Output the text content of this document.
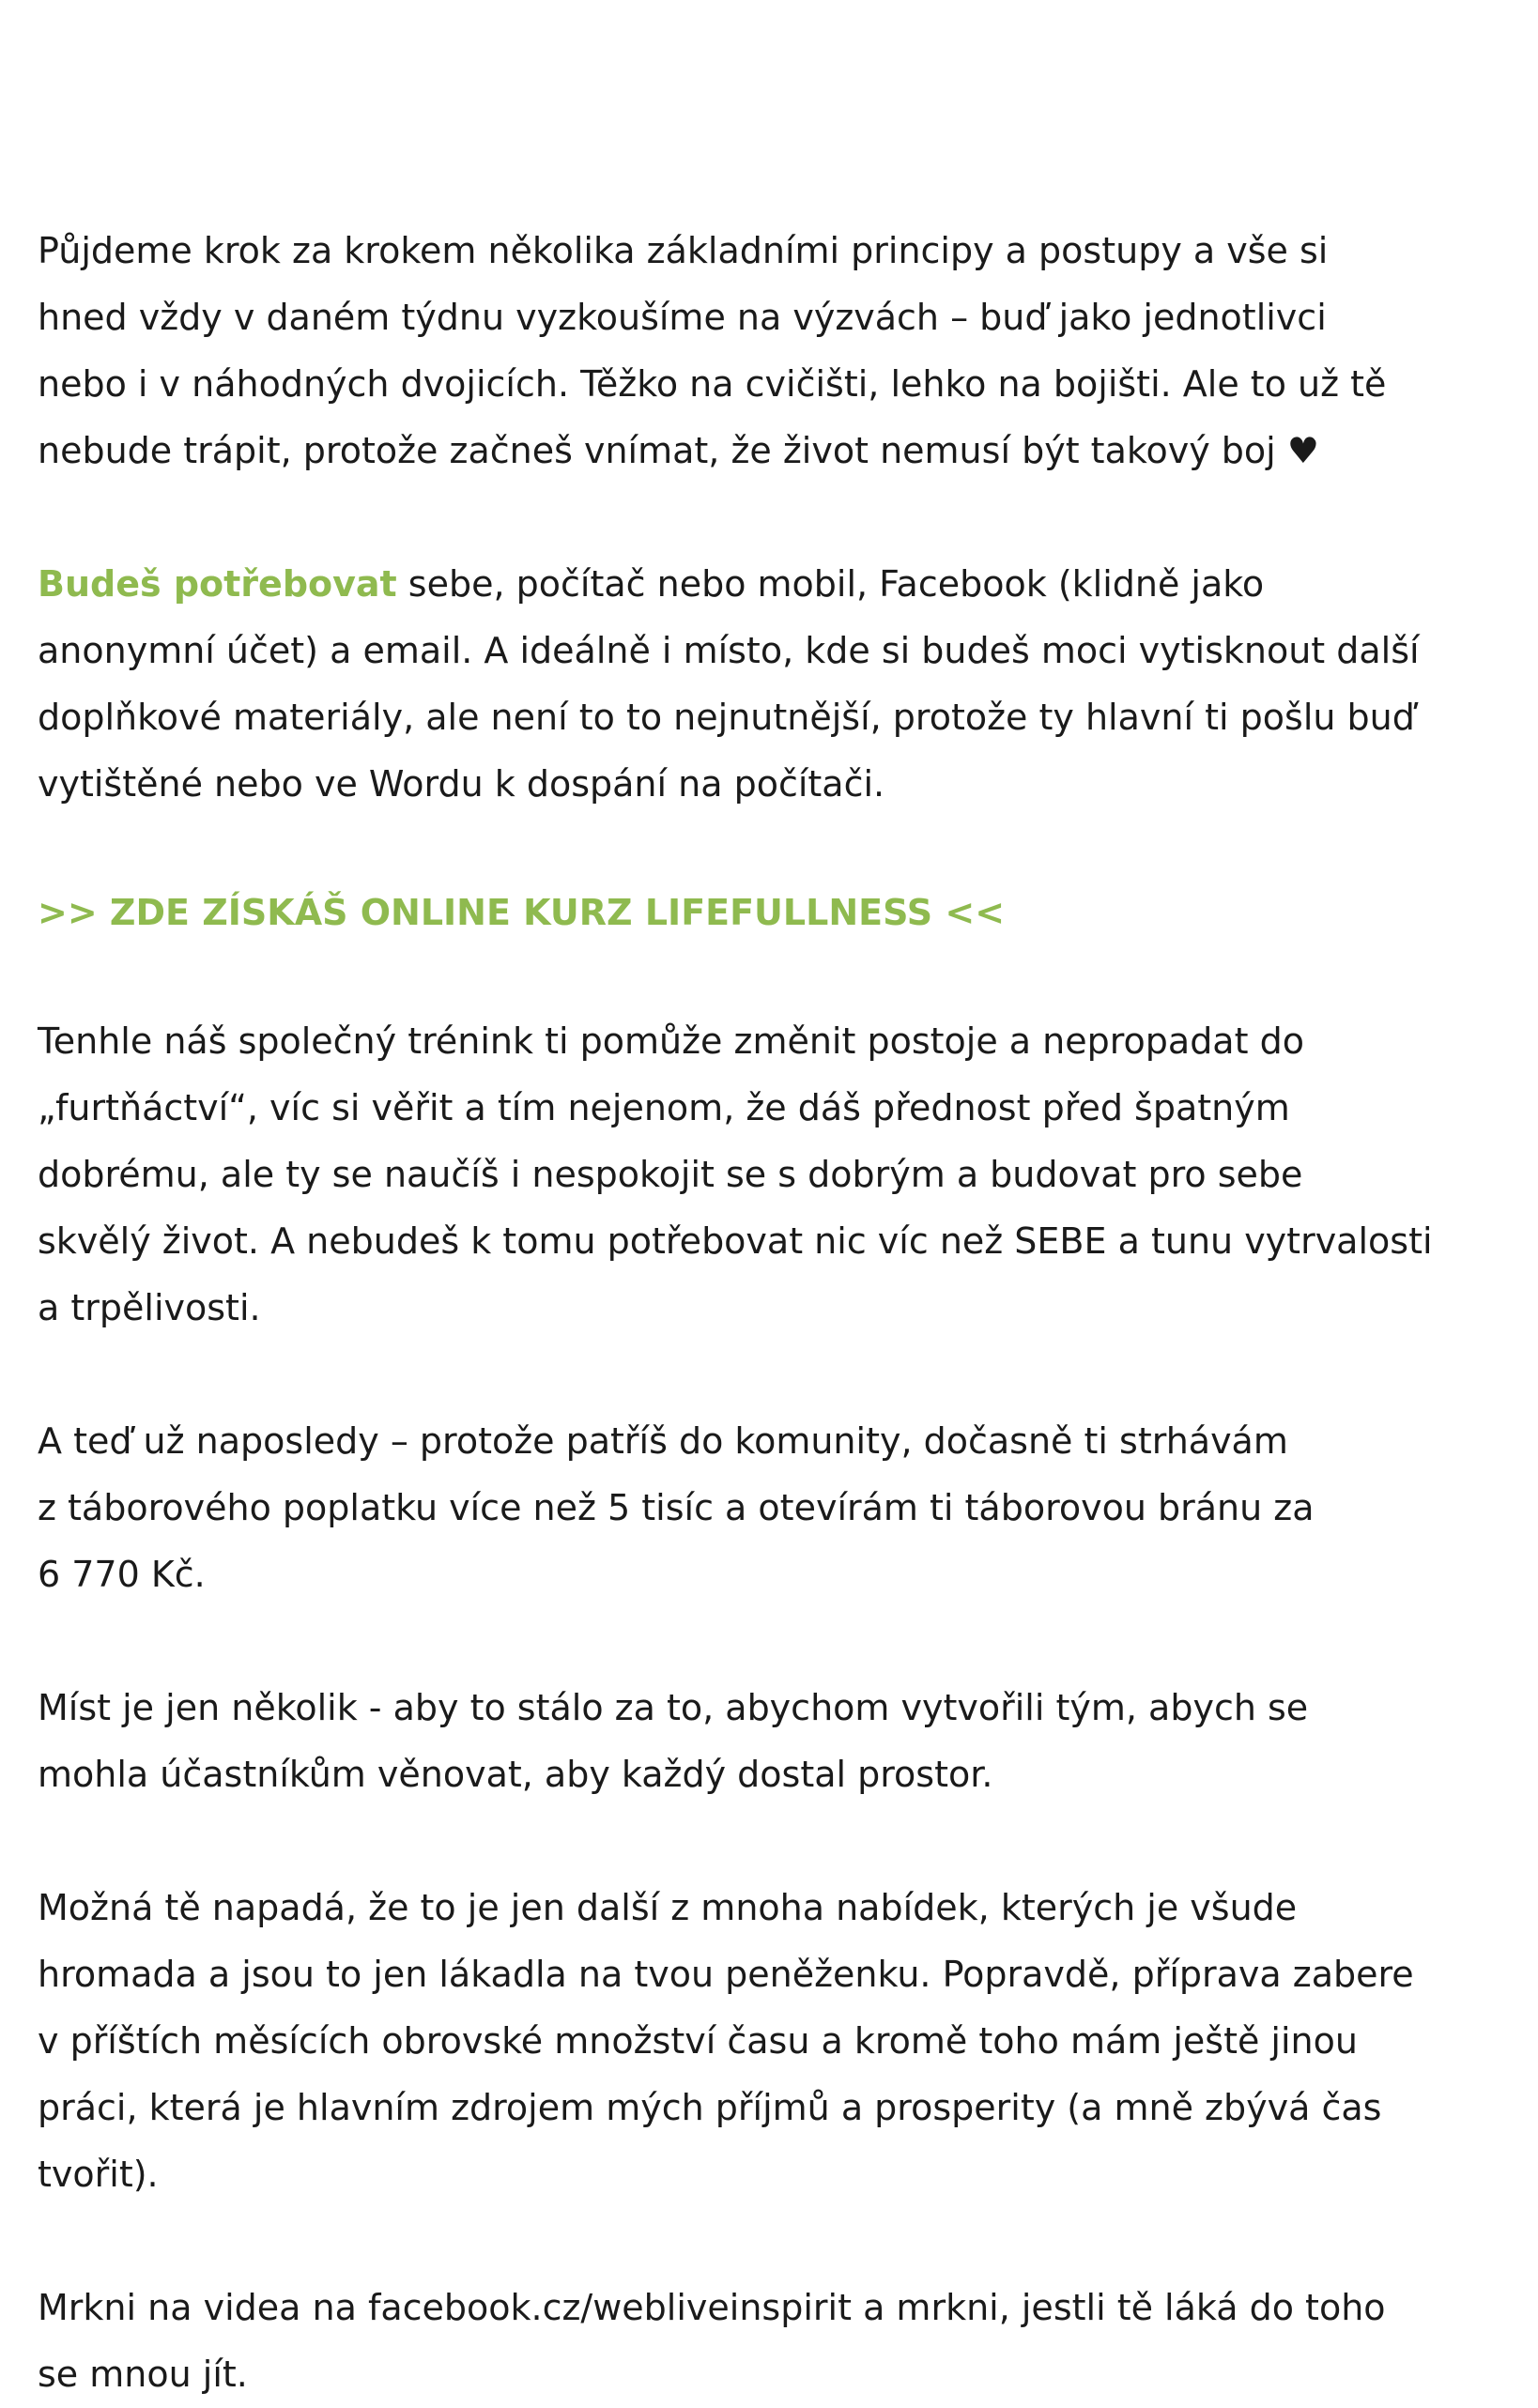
Půjdeme krok za krokem několika základními principy a postupy a vše si
hned vždy v daném týdnu vyzkoušíme na výzvách – buď jako jednotlivci
nebo i v náhodných dvojicích. Těžko na cvičišti, lehko na bojišti. Ale to už tě
nebude trápit, protože začneš vnímat, že život nemusí být takový boj ♥

Budeš potřebovat sebe, počítač nebo mobil, Facebook (klidně jako
anonymní účet) a email. A ideálně i místo, kde si budeš moci vytisknout další
doplňkové materiály, ale není to to nejnutnější, protože ty hlavní ti pošlu buď
vytištěné nebo ve Wordu k dospání na počítači.

>> ZDE ZÍSKÁŠ ONLINE KURZ LIFEFULLNESS <<

Tenhle náš společný trénink ti pomůže změnit postoje a nepropadat do
„furtňáctví“, víc si věřit a tím nejenom, že dáš přednost před špatným
dobrému, ale ty se naučíš i nespokojit se s dobrým a budovat pro sebe
skvělý život. A nebudeš k tomu potřebovat nic víc než SEBE a tunu vytrvalosti
a trpělivosti.

A teď už naposledy – protože patříš do komunity, dočasně ti strhávám
z táborového poplatku více než 5 tisíc a otevírám ti táborovou bránu za
6 770 Kč.

Míst je jen několik - aby to stálo za to, abychom vytvořili tým, abych se
mohla účastníkům věnovat, aby každý dostal prostor.

Možná tě napadá, že to je jen další z mnoha nabídek, kterých je všude
hromada a jsou to jen lákadla na tvou peněženku. Popravdě, příprava zabere
v příštích měsících obrovské množství času a kromě toho mám ještě jinou
práci, která je hlavním zdrojem mých příjmů a prosperity (a mně zbývá čas
tvořit).

Mrkni na videa na facebook.cz/webliveinspirit a mrkni, jestli tě láká do toho
se mnou jít.
